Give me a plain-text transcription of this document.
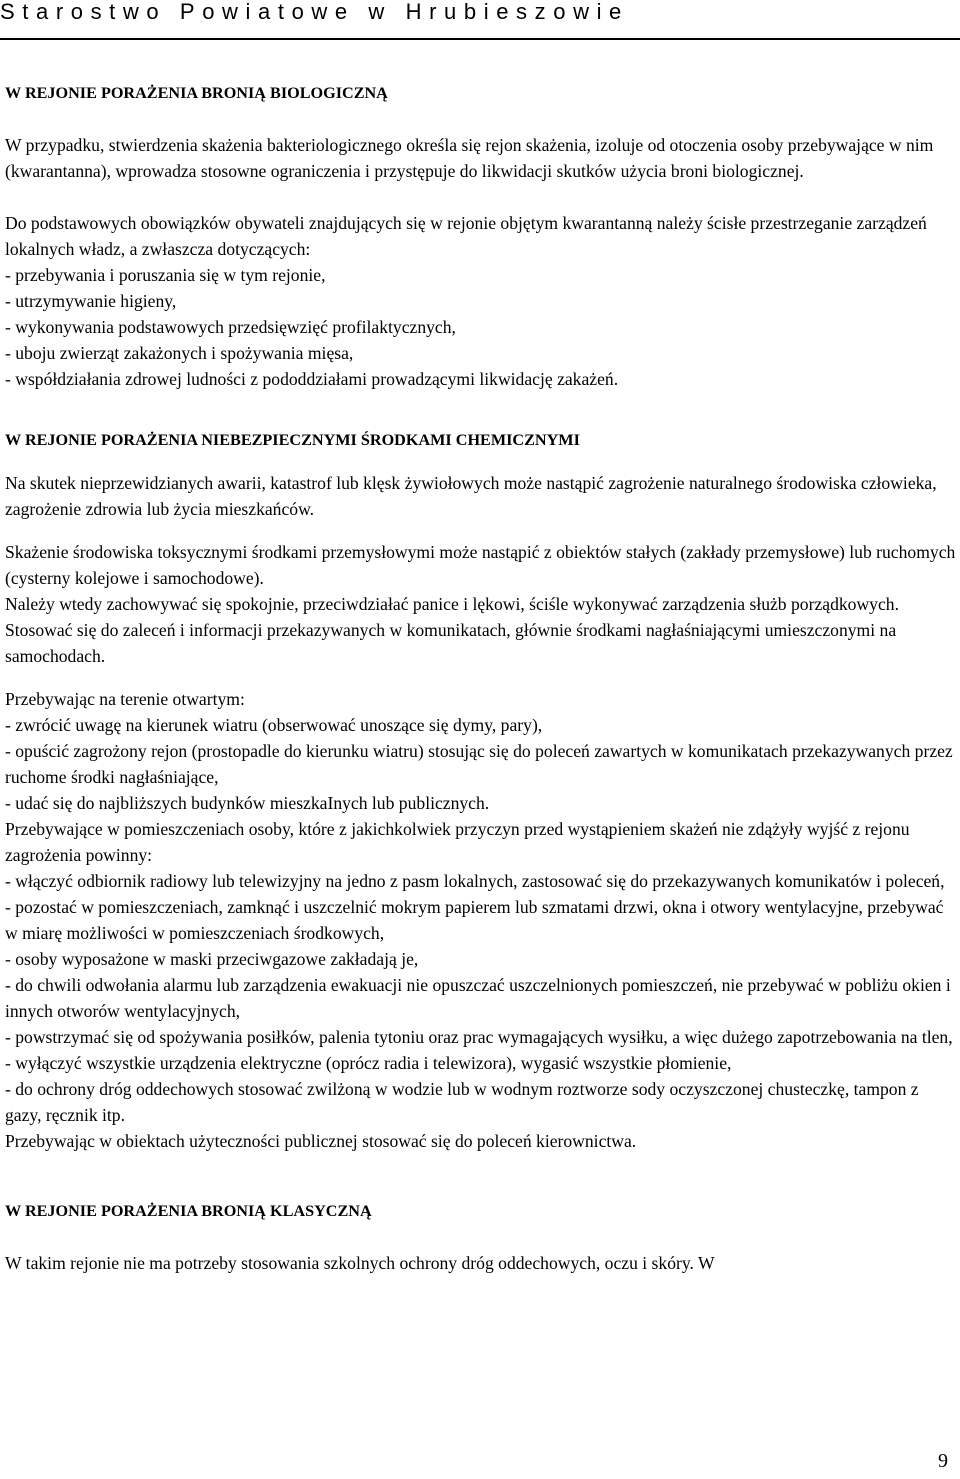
Starostwo Powiatowe w Hrubieszowie
W REJONIE PORAŻENIA BRONIĄ BIOLOGICZNĄ

W przypadku, stwierdzenia skażenia bakteriologicznego określa się rejon skażenia, izoluje od otoczenia osoby przebywające w nim (kwarantanna), wprowadza stosowne ograniczenia i przystępuje do likwidacji skutków użycia broni biologicznej.

Do podstawowych obowiązków obywateli znajdujących się w rejonie objętym kwarantanną należy ścisłe przestrzeganie zarządzeń lokalnych władz, a zwłaszcza dotyczących:
- przebywania i poruszania się w tym rejonie,
- utrzymywanie higieny,
- wykonywania podstawowych przedsięwzięć profilaktycznych,
- uboju zwierząt zakażonych i spożywania mięsa,
- współdziałania zdrowej ludności z pododdziałami prowadzącymi likwidację zakażeń.

W REJONIE PORAŻENIA NIEBEZPIECZNYMI ŚRODKAMI CHEMICZNYMI

Na skutek nieprzewidzianych awarii, katastrof lub klęsk żywiołowych może nastąpić zagrożenie naturalnego środowiska człowieka, zagrożenie zdrowia lub życia mieszkańców.

Skażenie środowiska toksycznymi środkami przemysłowymi może nastąpić z obiektów stałych (zakłady przemysłowe) lub ruchomych (cysterny kolejowe i samochodowe).

Należy wtedy zachowywać się spokojnie, przeciwdziałać panice i lękowi, ściśle wykonywać zarządzenia służb porządkowych. Stosować się do zaleceń i informacji przekazywanych w komunikatach, głównie środkami nagłaśniającymi umieszczonymi na samochodach.

Przebywając na terenie otwartym:
- zwrócić uwagę na kierunek wiatru (obserwować unoszące się dymy, pary),
- opuścić zagrożony rejon (prostopadle do kierunku wiatru) stosując się do poleceń zawartych w komunikatach przekazywanych przez ruchome środki nagłaśniające,
- udać się do najbliższych budynków mieszkaInych lub publicznych.

Przebywające w pomieszczeniach osoby, które z jakichkolwiek przyczyn przed wystąpieniem skażeń nie zdążyły wyjść z rejonu zagrożenia powinny:
- włączyć odbiornik radiowy lub telewizyjny na jedno z pasm lokalnych, zastosować się do przekazywanych komunikatów i poleceń,
- pozostać w pomieszczeniach, zamknąć i uszczelnić mokrym papierem lub szmatami drzwi, okna i otwory wentylacyjne, przebywać w miarę możliwości w pomieszczeniach środkowych,
- osoby wyposażone w maski przeciwgazowe zakładają je,
- do chwili odwołania alarmu lub zarządzenia ewakuacji nie opuszczać uszczelnionych pomieszczeń, nie przebywać w pobliżu okien i innych otworów wentylacyjnych,
- powstrzymać się od spożywania posiłków, palenia tytoniu oraz prac wymagających wysiłku, a więc dużego zapotrzebowania na tlen,
- wyłączyć wszystkie urządzenia elektryczne (oprócz radia i telewizora), wygasić wszystkie płomienie,
- do ochrony dróg oddechowych stosować zwilżoną w wodzie lub w wodnym roztworze sody oczyszczonej chusteczkę, tampon z gazy, ręcznik itp.

Przebywając w obiektach użyteczności publicznej stosować się do poleceń kierownictwa.

W REJONIE PORAŻENIA BRONIĄ KLASYCZNĄ

W takim rejonie nie ma potrzeby stosowania szkolnych ochrony dróg oddechowych, oczu i skóry. W

9
